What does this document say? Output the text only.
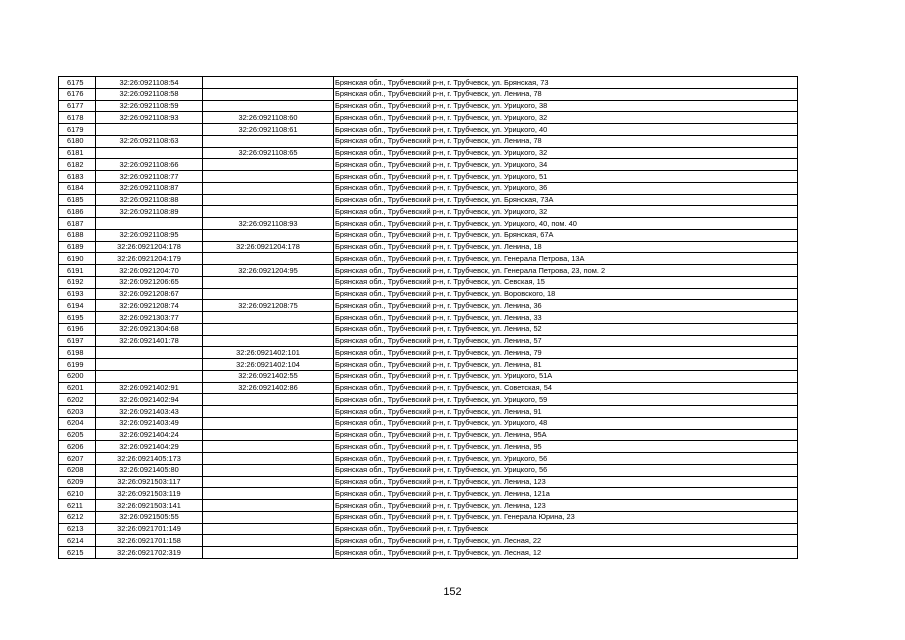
6175	32:26:0921108:54		Брянская обл., Трубчевский р-н, г. Трубчевск, ул. Брянская, 73
6176	32:26:0921108:58		Брянская обл., Трубчевский р-н, г. Трубчевск, ул. Ленина, 78
6177	32:26:0921108:59		Брянская обл., Трубчевский р-н, г. Трубчевск, ул. Урицкого, 38
6178	32:26:0921108:93	32:26:0921108:60	Брянская обл., Трубчевский р-н, г. Трубчевск, ул. Урицкого, 32
6179		32:26:0921108:61	Брянская обл., Трубчевский р-н, г. Трубчевск, ул. Урицкого, 40
6180	32:26:0921108:63		Брянская обл., Трубчевский р-н, г. Трубчевск, ул. Ленина, 78
6181		32:26:0921108:65	Брянская обл., Трубчевский р-н, г. Трубчевск, ул. Урицкого, 32
6182	32:26:0921108:66		Брянская обл., Трубчевский р-н, г. Трубчевск, ул. Урицкого, 34
6183	32:26:0921108:77		Брянская обл., Трубчевский р-н, г. Трубчевск, ул. Урицкого, 51
6184	32:26:0921108:87		Брянская обл., Трубчевский р-н, г. Трубчевск, ул. Урицкого, 36
6185	32:26:0921108:88		Брянская обл., Трубчевский р-н, г. Трубчевск, ул. Брянская, 73А
6186	32:26:0921108:89		Брянская обл., Трубчевский р-н, г. Трубчевск, ул. Урицкого, 32
6187		32:26:0921108:93	Брянская обл., Трубчевский р-н, г. Трубчевск, ул. Урицкого, 40, пом. 40
6188	32:26:0921108:95		Брянская обл., Трубчевский р-н, г. Трубчевск, ул. Брянская, 67А
6189	32:26:0921204:178	32:26:0921204:178	Брянская обл., Трубчевский р-н, г. Трубчевск, ул. Ленина, 18
6190	32:26:0921204:179		Брянская обл., Трубчевский р-н, г. Трубчевск, ул. Генерала Петрова, 13А
6191	32:26:0921204:70	32:26:0921204:95	Брянская обл., Трубчевский р-н, г. Трубчевск, ул. Генерала Петрова, 23, пом. 2
6192	32:26:0921206:65		Брянская обл., Трубчевский р-н, г. Трубчевск, ул. Севская, 15
6193	32:26:0921208:67		Брянская обл., Трубчевский р-н, г. Трубчевск, ул. Воровского, 18
6194	32:26:0921208:74	32:26:0921208:75	Брянская обл., Трубчевский р-н, г. Трубчевск, ул. Ленина, 36
6195	32:26:0921303:77		Брянская обл., Трубчевский р-н, г. Трубчевск, ул. Ленина, 33
6196	32:26:0921304:68		Брянская обл., Трубчевский р-н, г. Трубчевск, ул. Ленина, 52
6197	32:26:0921401:78		Брянская обл., Трубчевский р-н, г. Трубчевск, ул. Ленина, 57
6198		32:26:0921402:101	Брянская обл., Трубчевский р-н, г. Трубчевск, ул. Ленина, 79
6199		32:26:0921402:104	Брянская обл., Трубчевский р-н, г. Трубчевск, ул. Ленина, 81
6200		32:26:0921402:55	Брянская обл., Трубчевский р-н, г. Трубчевск, ул. Урицкого, 51А
6201	32:26:0921402:91	32:26:0921402:86	Брянская обл., Трубчевский р-н, г. Трубчевск, ул. Советская, 54
6202	32:26:0921402:94		Брянская обл., Трубчевский р-н, г. Трубчевск, ул. Урицкого, 59
6203	32:26:0921403:43		Брянская обл., Трубчевский р-н, г. Трубчевск, ул. Ленина, 91
6204	32:26:0921403:49		Брянская обл., Трубчевский р-н, г. Трубчевск, ул. Урицкого, 48
6205	32:26:0921404:24		Брянская обл., Трубчевский р-н, г. Трубчевск, ул. Ленина, 95А
6206	32:26:0921404:29		Брянская обл., Трубчевский р-н, г. Трубчевск, ул. Ленина, 95
6207	32:26:0921405:173		Брянская обл., Трубчевский р-н, г. Трубчевск, ул. Урицкого, 56
6208	32:26:0921405:80		Брянская обл., Трубчевский р-н, г. Трубчевск, ул. Урицкого, 56
6209	32:26:0921503:117		Брянская обл., Трубчевский р-н, г. Трубчевск, ул. Ленина, 123
6210	32:26:0921503:119		Брянская обл., Трубчевский р-н, г. Трубчевск, ул. Ленина, 121а
6211	32:26:0921503:141		Брянская обл., Трубчевский р-н, г. Трубчевск, ул. Ленина, 123
6212	32:26:0921505:55		Брянская обл., Трубчевский р-н, г. Трубчевск, ул. Генерала Юрина, 23
6213	32:26:0921701:149		Брянская обл., Трубчевский р-н, г. Трубчевск
6214	32:26:0921701:158		Брянская обл., Трубчевский р-н, г. Трубчевск, ул. Лесная, 22
6215	32:26:0921702:319		Брянская обл., Трубчевский р-н, г. Трубчевск, ул. Лесная, 12
152
